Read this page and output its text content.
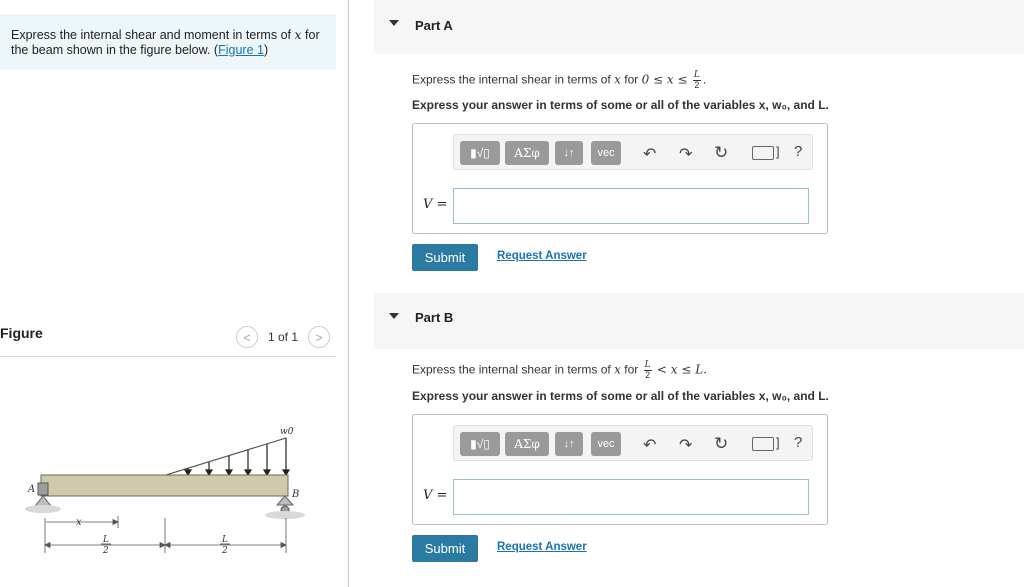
Express the internal shear and moment in terms of x for the beam shown in the figure below. (Figure 1)
Figure	<	1 of 1	>
w0
A	B
x
L
2
L
2
Part A
Express the internal shear in terms of x for $0 \le x \le \frac{L}{2}$ .
Express your answer in terms of some or all of the variables x, w₀, and L.
▮√▯	ΑΣφ	↓↑	vec	↶ ↷ ↻	] ?
V =
Submit	Request Answer
Part B
Express the internal shear in terms of x for $\frac{L}{2} < x \le L$.
Express your answer in terms of some or all of the variables x, w₀, and L.
▮√▯	ΑΣφ	↓↑	vec	↶ ↷ ↻	] ?
V =
Submit	Request Answer
